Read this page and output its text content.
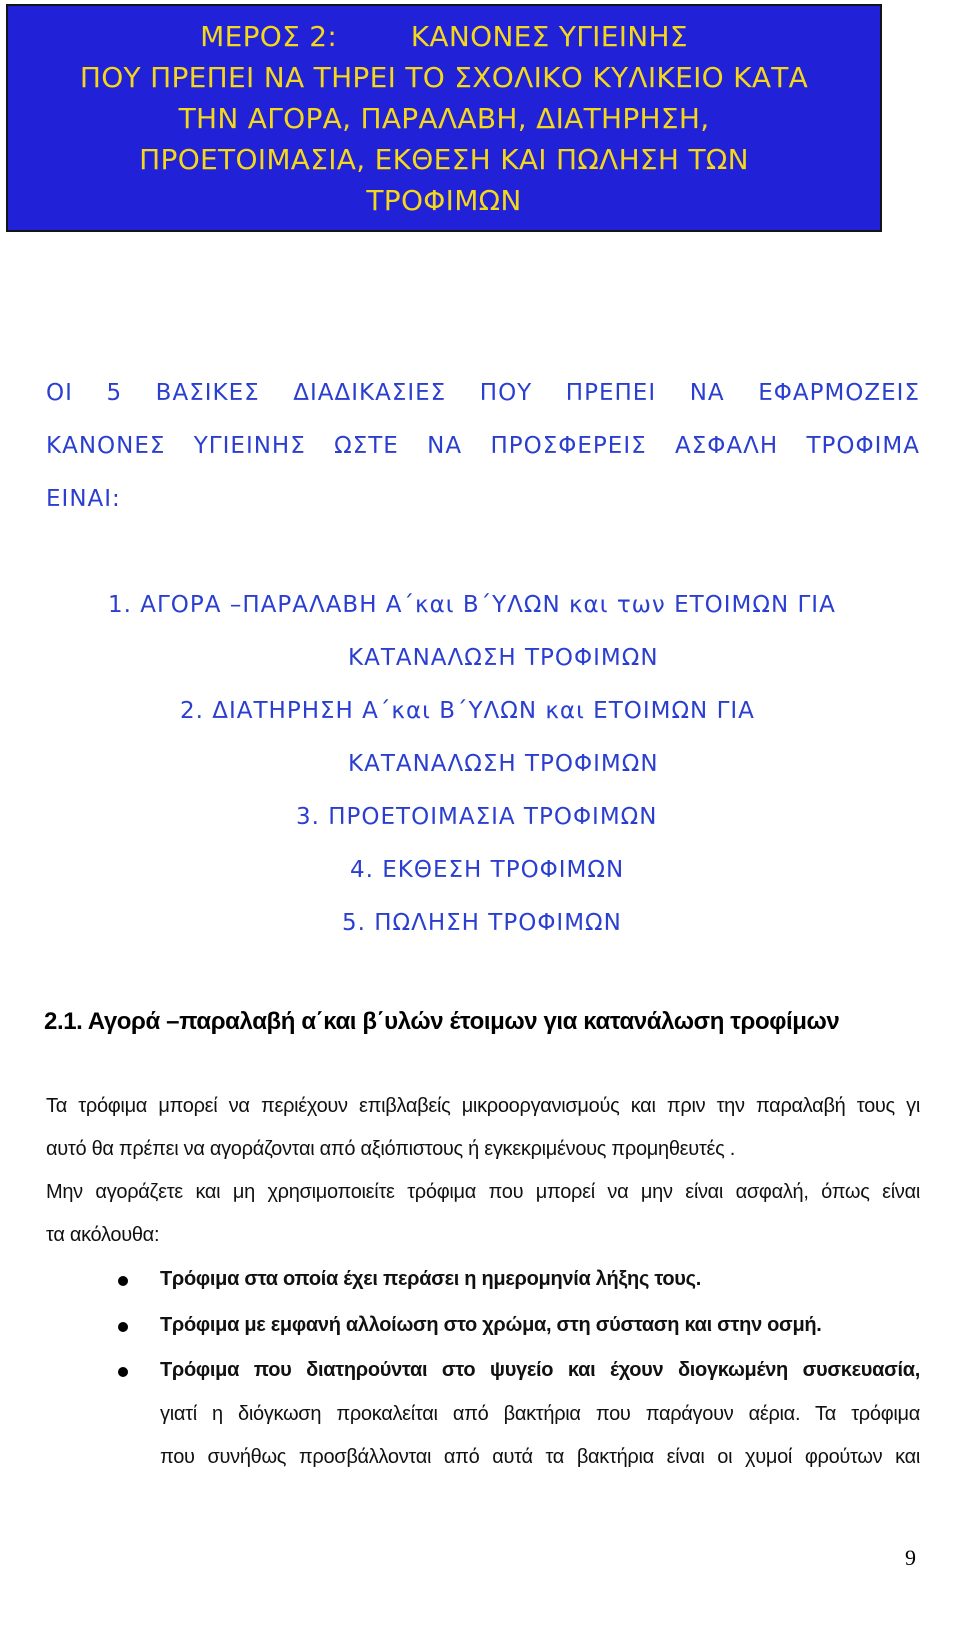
ΜΕΡΟΣ 2:        ΚΑΝΟΝΕΣ ΥΓΙΕΙΝΗΣ
ΠΟΥ ΠΡΕΠΕΙ ΝΑ ΤΗΡΕΙ ΤΟ ΣΧΟΛΙΚΟ ΚΥΛΙΚΕΙΟ ΚΑΤΑ
ΤΗΝ ΑΓΟΡΑ, ΠΑΡΑΛΑΒΗ, ΔΙΑΤΗΡΗΣΗ,
ΠΡΟΕΤΟΙΜΑΣΙΑ, ΕΚΘΕΣΗ ΚΑΙ ΠΩΛΗΣΗ ΤΩΝ
ΤΡΟΦΙΜΩΝ
ΟΙ 5 ΒΑΣΙΚΕΣ ΔΙΑΔΙΚΑΣΙΕΣ ΠΟΥ ΠΡΕΠΕΙ ΝΑ ΕΦΑΡΜΟΖΕΙΣ
ΚΑΝΟΝΕΣ ΥΓΙΕΙΝΗΣ ΩΣΤΕ ΝΑ ΠΡΟΣΦΕΡΕΙΣ ΑΣΦΑΛΗ ΤΡΟΦΙΜΑ
ΕΙΝΑΙ:
1. ΑΓΟΡΑ –ΠΑΡΑΛΑΒΗ Α΄και Β΄ΥΛΩΝ και των ΕΤΟΙΜΩΝ ΓΙΑ
ΚΑΤΑΝΑΛΩΣΗ ΤΡΟΦΙΜΩΝ
2. ΔΙΑΤΗΡΗΣΗ Α΄και Β΄ΥΛΩΝ και ΕΤΟΙΜΩΝ ΓΙΑ
ΚΑΤΑΝΑΛΩΣΗ ΤΡΟΦΙΜΩΝ
3. ΠΡΟΕΤΟΙΜΑΣΙΑ ΤΡΟΦΙΜΩΝ
4. ΕΚΘΕΣΗ ΤΡΟΦΙΜΩΝ
5. ΠΩΛΗΣΗ ΤΡΟΦΙΜΩΝ
2.1. Αγορά –παραλαβή α΄και β΄υλών έτοιμων για κατανάλωση τροφίμων
Τα τρόφιμα μπορεί να περιέχουν επιβλαβείς μικροοργανισμούς και πριν την παραλαβή τους γι
αυτό θα πρέπει να αγοράζονται από αξιόπιστους ή εγκεκριμένους προμηθευτές .
Μην αγοράζετε και μη χρησιμοποιείτε τρόφιμα που μπορεί να μην είναι ασφαλή, όπως είναι
τα ακόλουθα:
Τρόφιμα στα οποία έχει περάσει η ημερομηνία λήξης τους.
Τρόφιμα με εμφανή αλλοίωση στο χρώμα, στη σύσταση και στην οσμή.
Τρόφιμα που διατηρούνται στο ψυγείο και έχουν διογκωμένη συσκευασία,
γιατί η διόγκωση προκαλείται από βακτήρια που παράγουν αέρια. Τα τρόφιμα
που συνήθως προσβάλλονται από αυτά τα βακτήρια είναι οι χυμοί φρούτων και
9
